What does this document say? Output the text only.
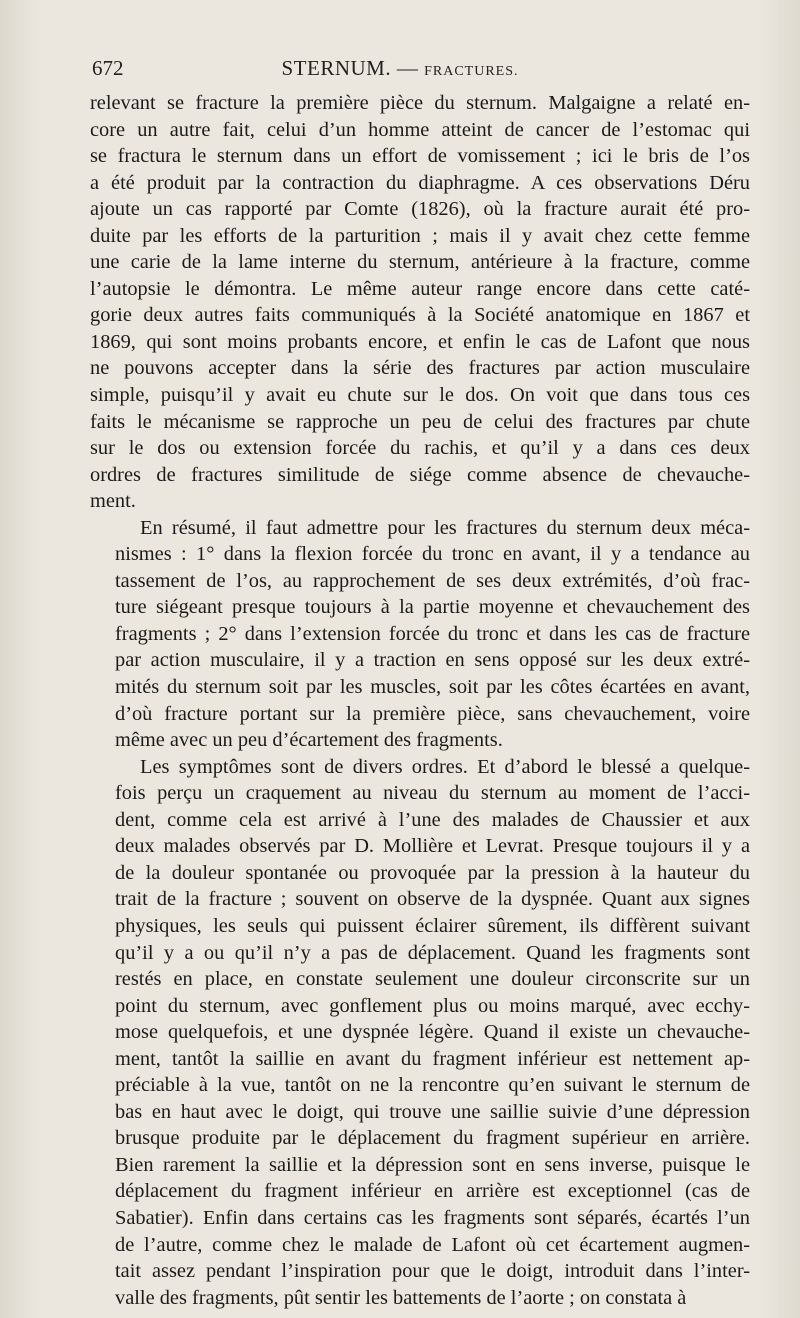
672	STERNUM. — FRACTURES.
relevant se fracture la première pièce du sternum. Malgaigne a relaté en-
core un autre fait, celui d’un homme atteint de cancer de l’estomac qui
se fractura le sternum dans un effort de vomissement ; ici le bris de l’os
a été produit par la contraction du diaphragme. A ces observations Déru
ajoute un cas rapporté par Comte (1826), où la fracture aurait été pro-
duite par les efforts de la parturition ; mais il y avait chez cette femme
une carie de la lame interne du sternum, antérieure à la fracture, comme
l’autopsie le démontra. Le même auteur range encore dans cette caté-
gorie deux autres faits communiqués à la Société anatomique en 1867 et
1869, qui sont moins probants encore, et enfin le cas de Lafont que nous
ne pouvons accepter dans la série des fractures par action musculaire
simple, puisqu’il y avait eu chute sur le dos. On voit que dans tous ces
faits le mécanisme se rapproche un peu de celui des fractures par chute
sur le dos ou extension forcée du rachis, et qu’il y a dans ces deux
ordres de fractures similitude de siége comme absence de chevauche-
ment.
En résumé, il faut admettre pour les fractures du sternum deux méca-
nismes : 1° dans la flexion forcée du tronc en avant, il y a tendance au
tassement de l’os, au rapprochement de ses deux extrémités, d’où frac-
ture siégeant presque toujours à la partie moyenne et chevauchement des
fragments ; 2° dans l’extension forcée du tronc et dans les cas de fracture
par action musculaire, il y a traction en sens opposé sur les deux extré-
mités du sternum soit par les muscles, soit par les côtes écartées en avant,
d’où fracture portant sur la première pièce, sans chevauchement, voire
même avec un peu d’écartement des fragments.
Les symptômes sont de divers ordres. Et d’abord le blessé a quelque-
fois perçu un craquement au niveau du sternum au moment de l’acci-
dent, comme cela est arrivé à l’une des malades de Chaussier et aux
deux malades observés par D. Mollière et Levrat. Presque toujours il y a
de la douleur spontanée ou provoquée par la pression à la hauteur du
trait de la fracture ; souvent on observe de la dyspnée. Quant aux signes
physiques, les seuls qui puissent éclairer sûrement, ils diffèrent suivant
qu’il y a ou qu’il n’y a pas de déplacement. Quand les fragments sont
restés en place, en constate seulement une douleur circonscrite sur un
point du sternum, avec gonflement plus ou moins marqué, avec ecchy-
mose quelquefois, et une dyspnée légère. Quand il existe un chevauche-
ment, tantôt la saillie en avant du fragment inférieur est nettement ap-
préciable à la vue, tantôt on ne la rencontre qu’en suivant le sternum de
bas en haut avec le doigt, qui trouve une saillie suivie d’une dépression
brusque produite par le déplacement du fragment supérieur en arrière.
Bien rarement la saillie et la dépression sont en sens inverse, puisque le
déplacement du fragment inférieur en arrière est exceptionnel (cas de
Sabatier). Enfin dans certains cas les fragments sont séparés, écartés l’un
de l’autre, comme chez le malade de Lafont où cet écartement augmen-
tait assez pendant l’inspiration pour que le doigt, introduit dans l’inter-
valle des fragments, pût sentir les battements de l’aorte ; on constata à
